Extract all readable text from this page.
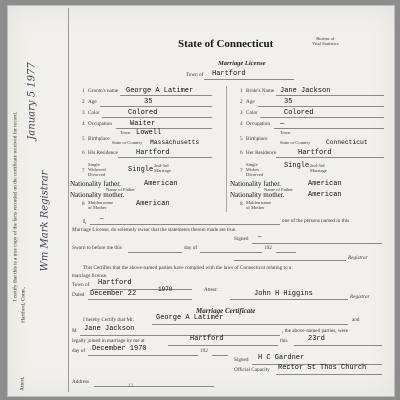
I certify that this is a true copy of the facts recorded on the certificate received for record.
Hartford, Conn.,
January 5 1977
Attest,
Wm Mark Registrar
State of Connecticut	Bureau of
Vital Statistics
Marriage License
Town of Hartford
1 Groom's name George A Latimer
2 Age	35
3 Color	Colored
4 Occupation	Waiter
5 Birthplace
Town Lowell
State or Country Massachusetts
6 His Residence	Hartford
7
Single
Widowed
Divorced
Single
2nd-3rd Marriage
Nationality father.	American
Name of Father
Nationality mother.
8 Maiden name
of Mother	American
1 Bride's Name Jane Jackson
2 Age	35
3 Color	Colored
4 Occupation —
5 Birthplace
Town
State or Country Connecticut
6 Her Residence	Hartford
7
Single
Widow
Divorced
Single 2nd-3rd Marriage
Nationality father.	American
Name of Father
Nationality mother.
8 Maiden name
of Mother
American
I, —	one of the persons named in this
Marriage License, do solemnly swear that the statements therein made are true.
Signed —
Sworn to before me this	day of	192
Registrar
This Certifies that the above-named parties have complied with the laws of Connecticut relating to a
marriage license.
Town of Hartford
Dated December 22
1970	Attest:	John H Higgins	Registrar
Marriage Certificate
I hereby Certify that Mr.	George A Latimer	and
M Jane Jackson	, the above-named parties, were
legally joined in marriage by me at	Hartford	this	23rd
day of December 1970	192
Signed H C Gardner
Official Capacity Rector St Thos Church
Address
13
